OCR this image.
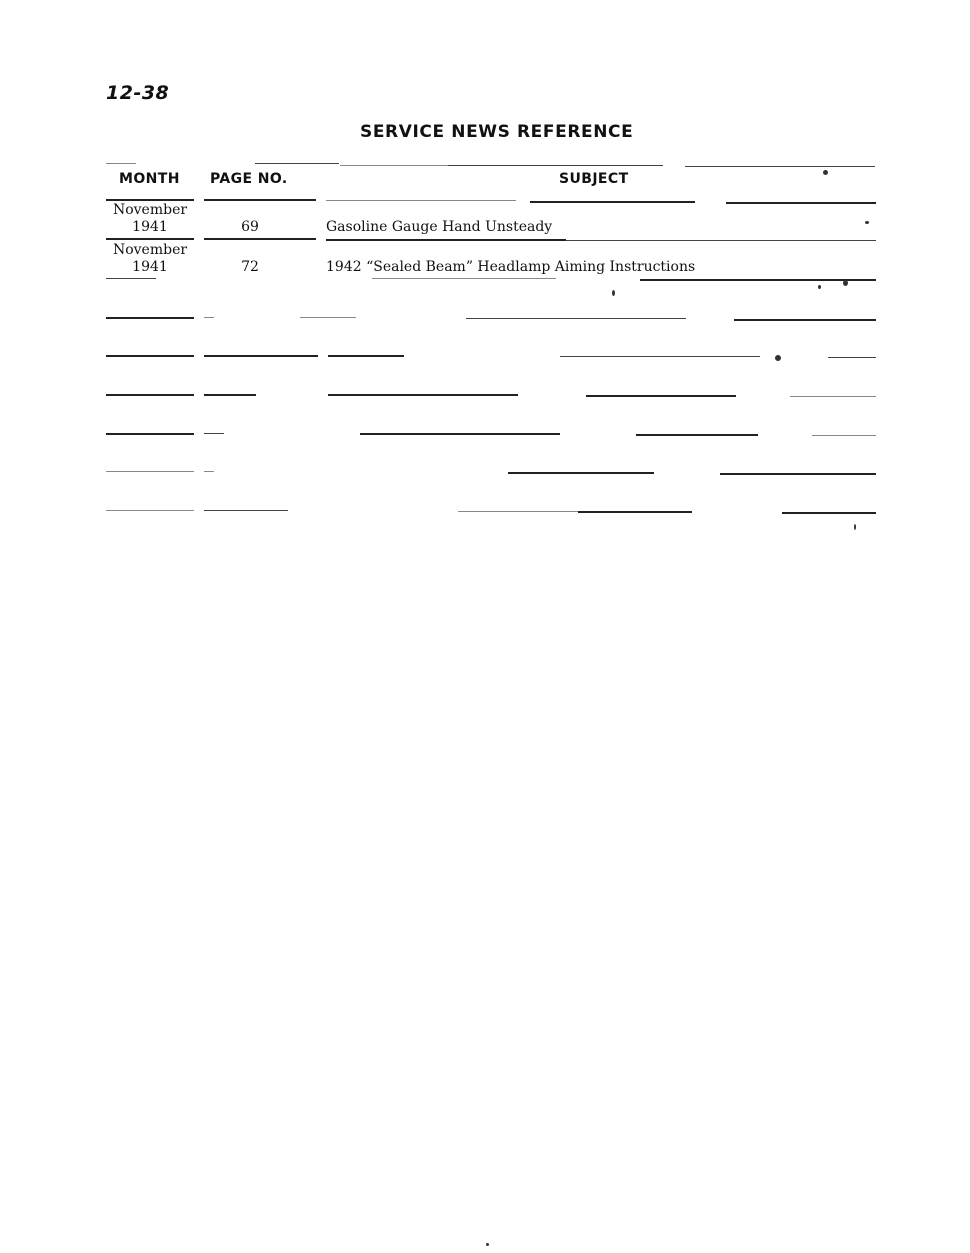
12-38
SERVICE NEWS REFERENCE
MONTH PAGE NO.	SUBJECT
November
1941	69	Gasoline Gauge Hand Unsteady
November
1941	72	1942 “Sealed Beam” Headlamp Aiming Instructions
